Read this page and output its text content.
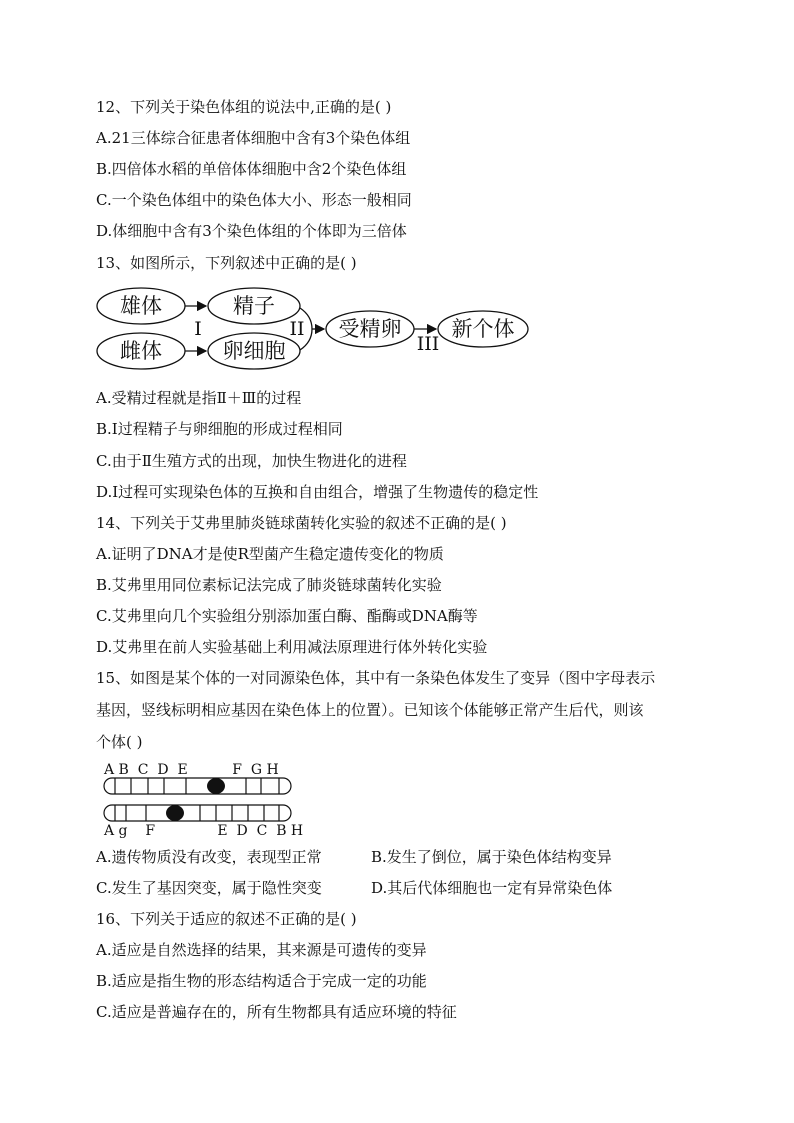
12、下列关于染色体组的说法中,正确的是( )
A.21三体综合征患者体细胞中含有3个染色体组
B.四倍体水稻的单倍体体细胞中含2个染色体组
C.一个染色体组中的染色体大小、形态一般相同
D.体细胞中含有3个染色体组的个体即为三倍体
13、如图所示，下列叙述中正确的是( )
雄体	精子
雌体	卵细胞
受精卵 新个体
I	II
III
A.受精过程就是指Ⅱ＋Ⅲ的过程
B.Ⅰ过程精子与卵细胞的形成过程相同
C.由于Ⅱ生殖方式的出现，加快生物进化的进程
D.Ⅰ过程可实现染色体的互换和自由组合，增强了生物遗传的稳定性
14、下列关于艾弗里肺炎链球菌转化实验的叙述不正确的是( )
A.证明了DNA才是使R型菌产生稳定遗传变化的物质
B.艾弗里用同位素标记法完成了肺炎链球菌转化实验
C.艾弗里向几个实验组分别添加蛋白酶、酯酶或DNA酶等
D.艾弗里在前人实验基础上利用减法原理进行体外转化实验
15、如图是某个体的一对同源染色体，其中有一条染色体发生了变异（图中字母表示
基因，竖线标明相应基因在染色体上的位置）。已知该个体能够正常产生后代，则该
个体( )
A B  C  D  E          F  G H
A g    F              E  D  C  B H
A.遗传物质没有改变，表现型正常	B.发生了倒位，属于染色体结构变异
C.发生了基因突变，属于隐性突变	D.其后代体细胞也一定有异常染色体
16、下列关于适应的叙述不正确的是( )
A.适应是自然选择的结果，其来源是可遗传的变异
B.适应是指生物的形态结构适合于完成一定的功能
C.适应是普遍存在的，所有生物都具有适应环境的特征
